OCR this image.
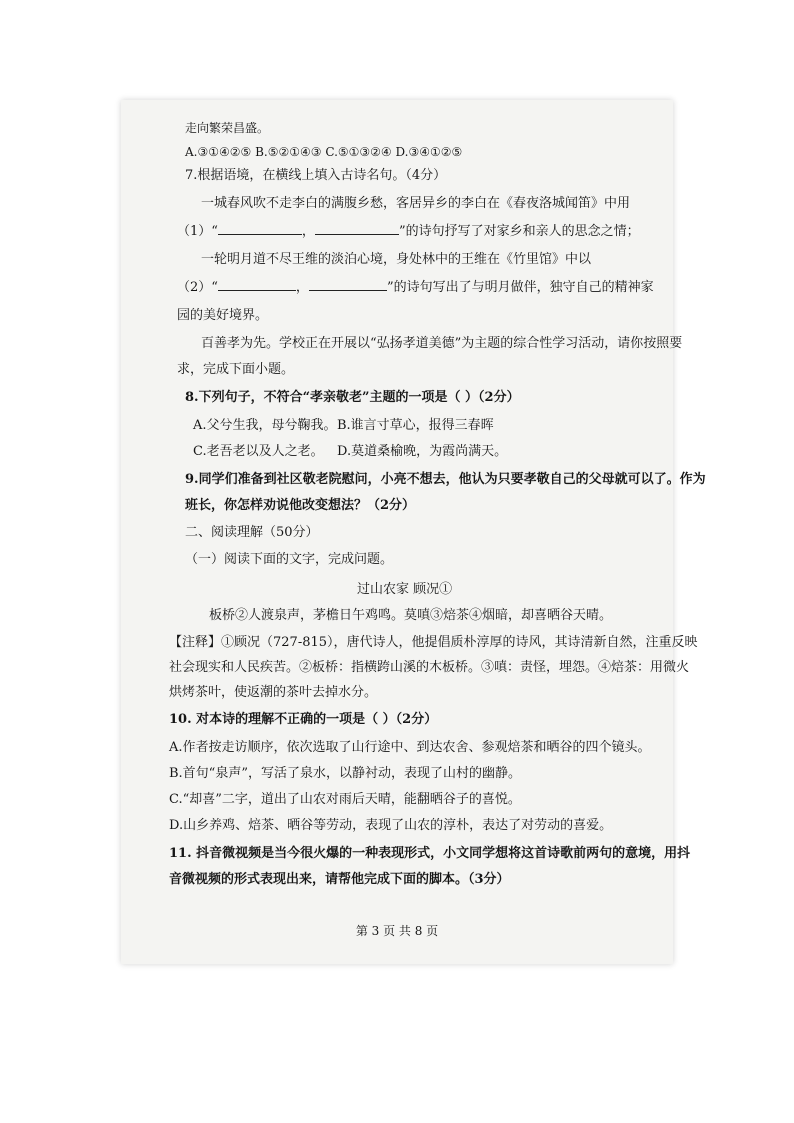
走向繁荣昌盛。
A.③①④②⑤ B.⑤②①④③ C.⑤①③②④ D.③④①②⑤
7.根据语境，在横线上填入古诗名句。（4分）
一城春风吹不走李白的满腹乡愁，客居异乡的李白在《春夜洛城闻笛》中用
（1）“	，	”的诗句抒写了对家乡和亲人的思念之情；
一轮明月道不尽王维的淡泊心境，身处林中的王维在《竹里馆》中以
（2）“	，	”的诗句写出了与明月做伴，独守自己的精神家
园的美好境界。
百善孝为先。学校正在开展以“弘扬孝道美德”为主题的综合性学习活动，请你按照要
求，完成下面小题。
8.下列句子，不符合“孝亲敬老”主题的一项是（ ）（2分）
A.父兮生我，母兮鞠我。 B.谁言寸草心，报得三春晖
C.老吾老以及人之老。 D.莫道桑榆晚，为霞尚满天。
9.同学们准备到社区敬老院慰问，小亮不想去，他认为只要孝敬自己的父母就可以了。作为
班长，你怎样劝说他改变想法？（2分）
二、阅读理解（50分）
（一）阅读下面的文字，完成问题。
过山农家 顾况①
板桥②人渡泉声，茅檐日午鸡鸣。莫嗔③焙茶④烟暗，却喜晒谷天晴。
【注释】①顾况（727-815），唐代诗人，他提倡质朴淳厚的诗风，其诗清新自然，注重反映
社会现实和人民疾苦。②板桥：指横跨山溪的木板桥。③嗔：责怪，埋怨。④焙茶：用微火
烘烤茶叶，使返潮的茶叶去掉水分。
10. 对本诗的理解不正确的一项是（ ）（2分）
A.作者按走访顺序，依次选取了山行途中、到达农舍、参观焙茶和晒谷的四个镜头。
B.首句“泉声”，写活了泉水，以静衬动，表现了山村的幽静。
C.“却喜”二字，道出了山农对雨后天晴，能翻晒谷子的喜悦。
D.山乡养鸡、焙茶、晒谷等劳动，表现了山农的淳朴，表达了对劳动的喜爱。
11. 抖音微视频是当今很火爆的一种表现形式，小文同学想将这首诗歌前两句的意境，用抖
音微视频的形式表现出来，请帮他完成下面的脚本。（3分）
第 3 页 共 8 页
